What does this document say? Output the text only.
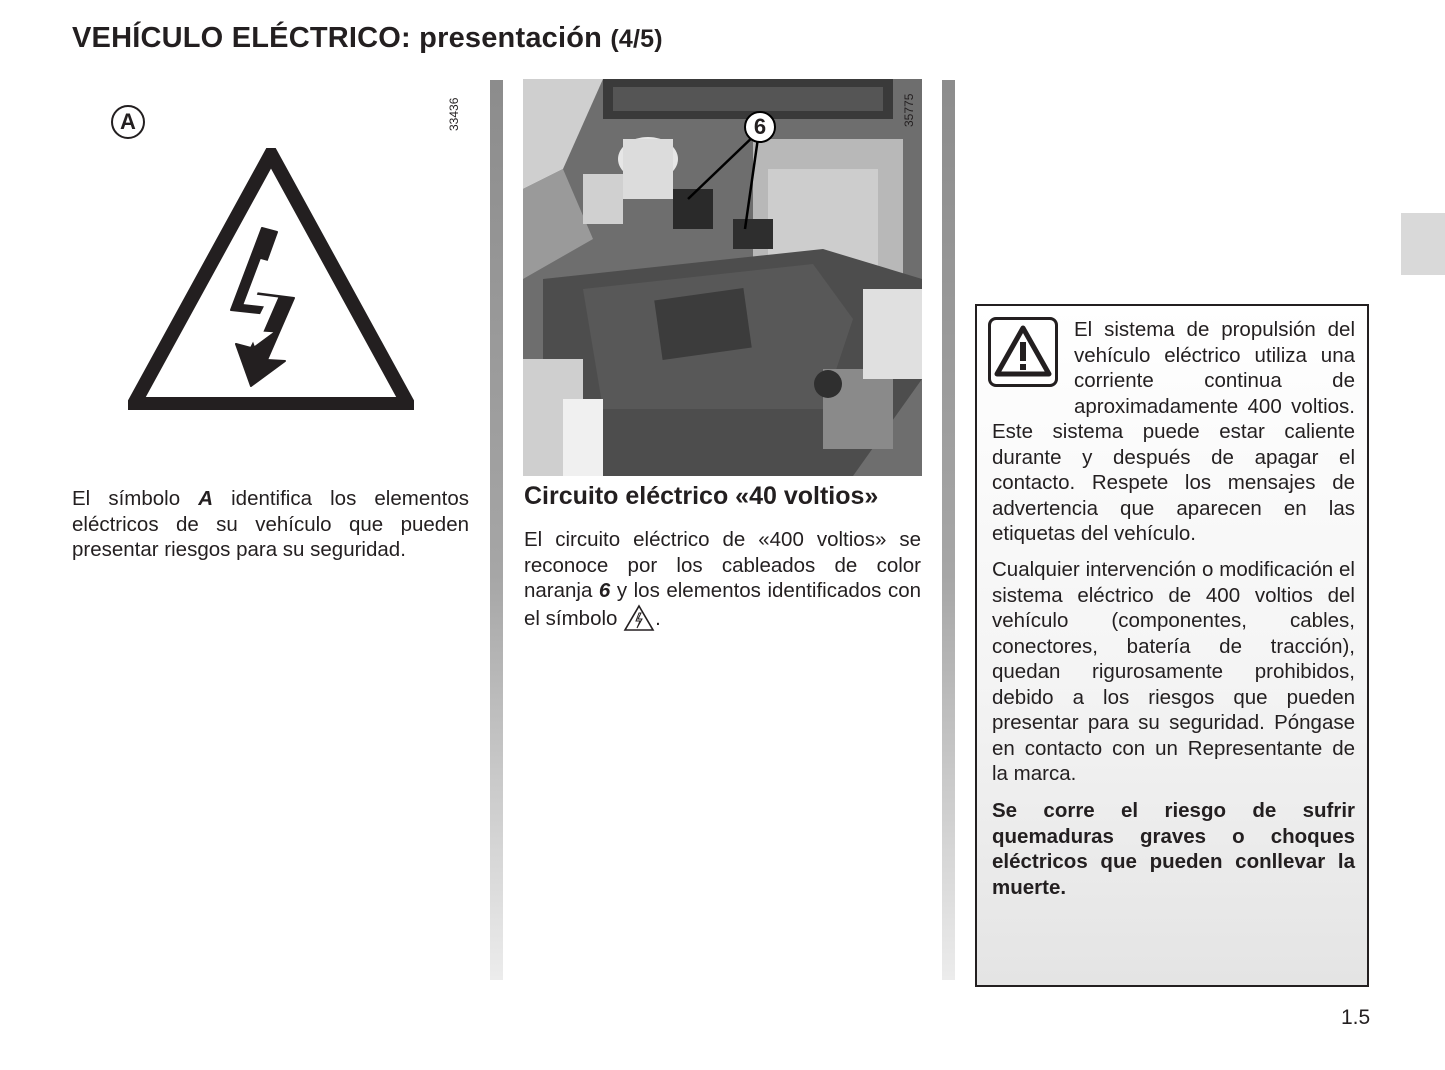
VEHÍCULO ELÉCTRICO: presentación (4/5)
33436
A

El símbolo A identifica los elementos eléctricos de su vehículo que pueden presentar riesgos para su seguridad.

6	35775
Circuito eléctrico «40 voltios»

El circuito eléctrico de «400 voltios» se reconoce por los cableados de color naranja 6 y los elementos identificados con el símbolo .

El sistema de propulsión del vehículo eléctrico utiliza una corriente continua de aproximadamente 400 voltios. Este sistema puede estar caliente durante y después de apagar el contacto. Respete los mensajes de advertencia que aparecen en las etiquetas del vehículo.
Cualquier intervención o modificación el sistema eléctrico de 400 voltios del vehículo (componentes, cables, conectores, batería de tracción), quedan rigurosamente prohibidos, debido a los riesgos que pueden presentar para su seguridad. Póngase en contacto con un Representante de la marca.
Se corre el riesgo de sufrir quemaduras graves o choques eléctricos que pueden conllevar la muerte.
1.5
